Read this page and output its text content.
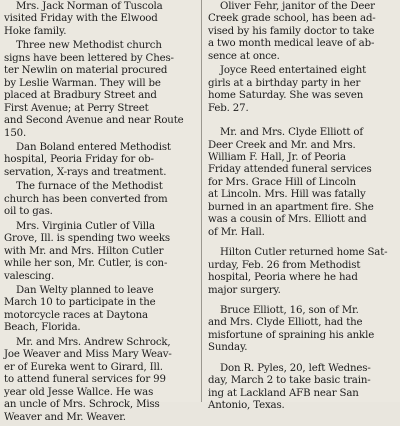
Mrs. Jack Norman of Tuscola
visited Friday with the Elwood
Hoke family.

Three new Methodist church
signs have been lettered by Ches-
ter Newlin on material procured
by Leslie Warman. They will be
placed at Bradbury Street and
First Avenue; at Perry Street
and Second Avenue and near Route
150.

Dan Boland entered Methodist
hospital, Peoria Friday for ob-
servation, X-rays and treatment.

The furnace of the Methodist
church has been converted from
oil to gas.

Mrs. Virginia Cutler of Villa
Grove, Ill. is spending two weeks
with Mr. and Mrs. Hilton Cutler
while her son, Mr. Cutler, is con-
valescing.

Dan Welty planned to leave
March 10 to participate in the
motorcycle races at Daytona
Beach, Florida.

Mr. and Mrs. Andrew Schrock,
Joe Weaver and Miss Mary Weav-
er of Eureka went to Girard, Ill.
to attend funeral services for 99
year old Jesse Wallce. He was
an uncle of Mrs. Schrock, Miss
Weaver and Mr. Weaver.

Oliver Fehr, janitor of the Deer
Creek grade school, has been ad-
vised by his family doctor to take
a two month medical leave of ab-
sence at once.

Joyce Reed entertained eight
girls at a birthday party in her
home Saturday. She was seven
Feb. 27.

Mr. and Mrs. Clyde Elliott of
Deer Creek and Mr. and Mrs.
William F. Hall, Jr. of Peoria
Friday attended funeral services
for Mrs. Grace Hill of Lincoln
at Lincoln. Mrs. Hill was fatally
burned in an apartment fire. She
was a cousin of Mrs. Elliott and
of Mr. Hall.

Hilton Cutler returned home Sat-
urday, Feb. 26 from Methodist
hospital, Peoria where he had
major surgery.

Bruce Elliott, 16, son of Mr.
and Mrs. Clyde Elliott, had the
misfortune of spraining his ankle
Sunday.

Don R. Pyles, 20, left Wednes-
day, March 2 to take basic train-
ing at Lackland AFB near San
Antonio, Texas.
